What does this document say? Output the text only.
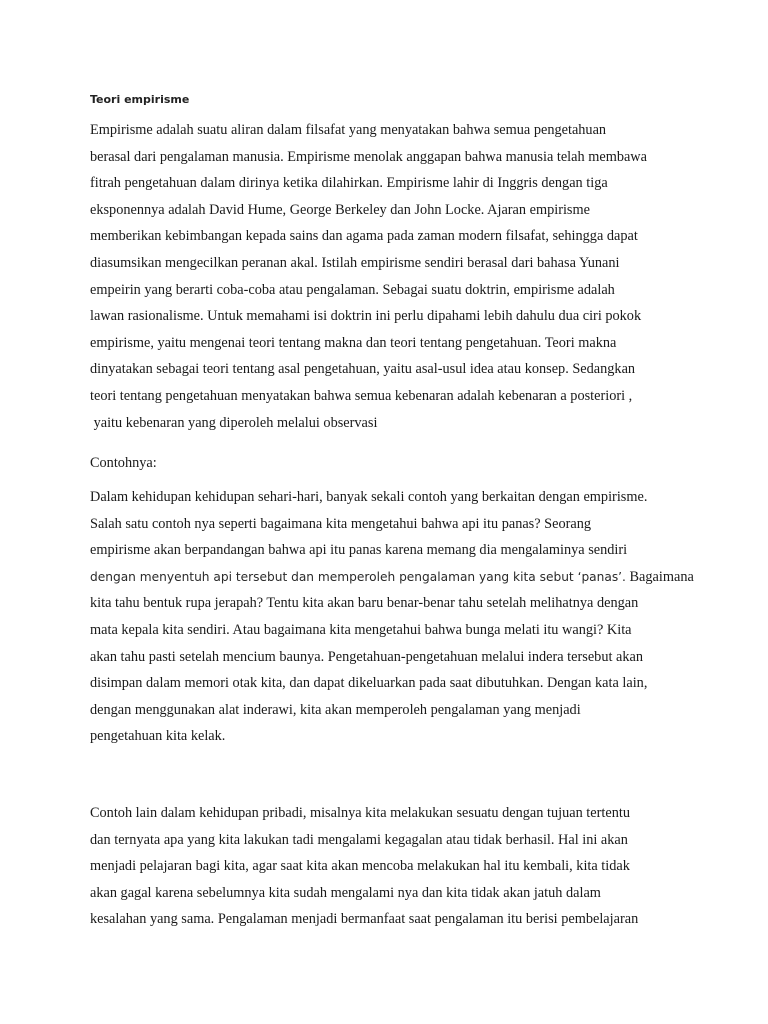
Teori empirisme
Empirisme adalah suatu aliran dalam filsafat yang menyatakan bahwa semua pengetahuan
berasal dari pengalaman manusia. Empirisme menolak anggapan bahwa manusia telah membawa
fitrah pengetahuan dalam dirinya ketika dilahirkan. Empirisme lahir di Inggris dengan tiga
eksponennya adalah David Hume, George Berkeley dan John Locke. Ajaran empirisme
memberikan kebimbangan kepada sains dan agama pada zaman modern filsafat, sehingga dapat
diasumsikan mengecilkan peranan akal. Istilah empirisme sendiri berasal dari bahasa Yunani
empeirin yang berarti coba-coba atau pengalaman. Sebagai suatu doktrin, empirisme adalah
lawan rasionalisme. Untuk memahami isi doktrin ini perlu dipahami lebih dahulu dua ciri pokok
empirisme, yaitu mengenai teori tentang makna dan teori tentang pengetahuan. Teori makna
dinyatakan sebagai teori tentang asal pengetahuan, yaitu asal-usul idea atau konsep. Sedangkan
teori tentang pengetahuan menyatakan bahwa semua kebenaran adalah kebenaran a posteriori ,
yaitu kebenaran yang diperoleh melalui observasi
Contohnya:
Dalam kehidupan kehidupan sehari-hari, banyak sekali contoh yang berkaitan dengan empirisme.
Salah satu contoh nya seperti bagaimana kita mengetahui bahwa api itu panas? Seorang
empirisme akan berpandangan bahwa api itu panas karena memang dia mengalaminya sendiri
dengan menyentuh api tersebut dan memperoleh pengalaman yang kita sebut ‘panas’. Bagaimana
kita tahu bentuk rupa jerapah? Tentu kita akan baru benar-benar tahu setelah melihatnya dengan
mata kepala kita sendiri. Atau bagaimana kita mengetahui bahwa bunga melati itu wangi? Kita
akan tahu pasti setelah mencium baunya. Pengetahuan-pengetahuan melalui indera tersebut akan
disimpan dalam memori otak kita, dan dapat dikeluarkan pada saat dibutuhkan. Dengan kata lain,
dengan menggunakan alat inderawi, kita akan memperoleh pengalaman yang menjadi
pengetahuan kita kelak.
Contoh lain dalam kehidupan pribadi, misalnya kita melakukan sesuatu dengan tujuan tertentu
dan ternyata apa yang kita lakukan tadi mengalami kegagalan atau tidak berhasil. Hal ini akan
menjadi pelajaran bagi kita, agar saat kita akan mencoba melakukan hal itu kembali, kita tidak
akan gagal karena sebelumnya kita sudah mengalami nya dan kita tidak akan jatuh dalam
kesalahan yang sama. Pengalaman menjadi bermanfaat saat pengalaman itu berisi pembelajaran
